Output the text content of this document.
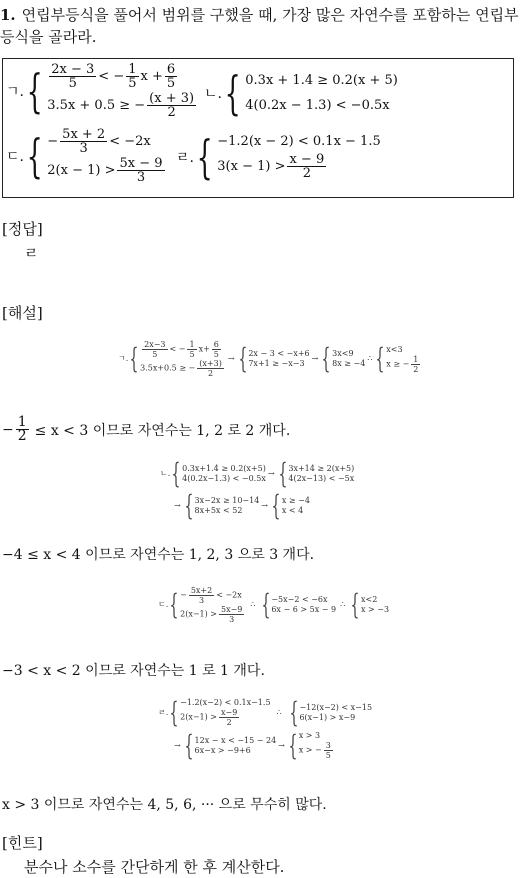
1. 연립부등식을 풀어서 범위를 구했을 때, 가장 많은 자연수를 포함하는 연립부등식을 골라라.
ㄱ. { $\frac{2x - 3}{5}$ < − $\frac{1}{5}$ $x + \frac{6}{5}$
3.5x + 0.5 ≥ − $\frac{(x + 3)}{2}$ ㄴ. { 0.3x + 1.4 ≥ 0.2(x + 5)
4(0.2x − 1.3) < −0.5x
ㄷ. { − $\frac{5x + 2}{3} < -2x$
$2(x - 1) > \frac{5x - 9}{3}$ ㄹ. { −1.2(x − 2) < 0.1x − 1.5
$3(x - 1) > \frac{x - 9}{2}$
[정답]
ㄹ
[해설]
ㄱ. { $\frac{2x-3}{5}$ < − $\frac{1}{5} x+ \frac{6}{5}$
3.5x+0.5 ≥ − $\frac{(x+3)}{2}$
→ { 2x − 3 < −x+6
7x+1 ≥ −x−3
→ { 3x<9
8x ≥ −4
∴ { x<3
x ≥ − $\frac{1}{2}$
− $\frac{1}{2} \le x < 3$ 이므로 자연수는 1, 2 로 2 개다.
ㄴ. { 0.3x+1.4 ≥ 0.2(x+5)
4(0.2x−1.3) < −0.5x
→ { 3x+14 ≥ 2(x+5)
4(2x−13) < −5x
→ { 3x−2x ≥ 10−14
8x+5x < 52
→ { x ≥ −4
x < 4
−4 ≤ x < 4 이므로 자연수는 1, 2, 3 으로 3 개다.
ㄷ. { − $\frac{5x+2}{3} < -2x$
$2(x-1) > \frac{5x-9}{3}$
∴ { −5x−2 < −6x
6x − 6 > 5x − 9
∴ { x<2
x > −3
−3 < x < 2 이므로 자연수는 1 로 1 개다.
ㄹ. { −1.2(x−2) < 0.1x−1.5
$2(x-1) > \frac{x-9}{2}$	∴ { −12(x−2) < x−15
6(x−1) > x−9
→ { 12x − x < −15 − 24
6x−x > −9+6
→ { x > 3
x > − $\frac{3}{5}$
x > 3 이므로 자연수는 4, 5, 6, ··· 으로 무수히 많다.
[힌트]
분수나 소수를 간단하게 한 후 계산한다.
